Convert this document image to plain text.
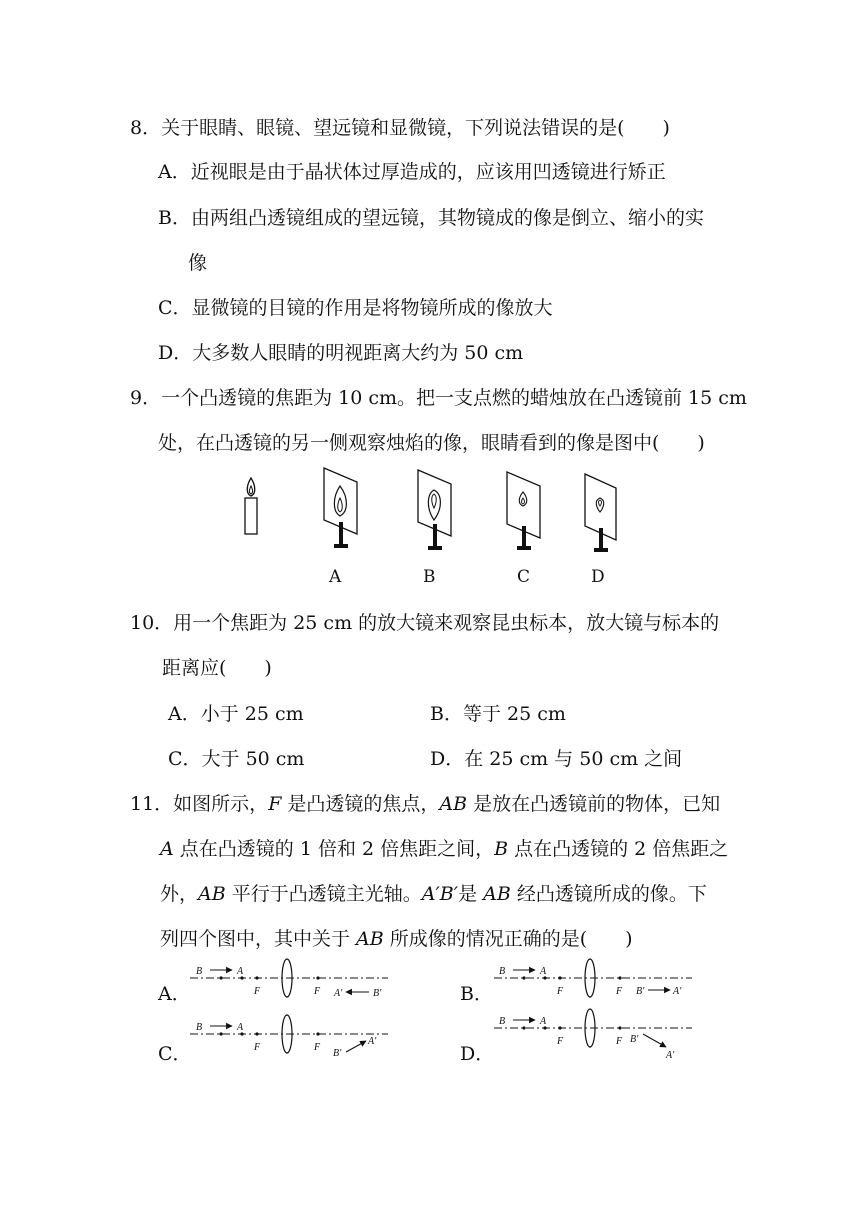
8．关于眼睛、眼镜、望远镜和显微镜，下列说法错误的是(　　)
A．近视眼是由于晶状体过厚造成的，应该用凹透镜进行矫正
B．由两组凸透镜组成的望远镜，其物镜成的像是倒立、缩小的实
像
C．显微镜的目镜的作用是将物镜所成的像放大
D．大多数人眼睛的明视距离大约为 50 cm
9．一个凸透镜的焦距为 10 cm。把一支点燃的蜡烛放在凸透镜前 15 cm
处，在凸透镜的另一侧观察烛焰的像，眼睛看到的像是图中(　　)
A	B	C	D
10．用一个焦距为 25 cm 的放大镜来观察昆虫标本，放大镜与标本的
距离应(　　)
A．小于 25 cm	B．等于 25 cm
C．大于 50 cm	D．在 25 cm 与 50 cm 之间
11．如图所示，F 是凸透镜的焦点，AB 是放在凸透镜前的物体，已知
A 点在凸透镜的 1 倍和 2 倍焦距之间，B 点在凸透镜的 2 倍焦距之
外，AB 平行于凸透镜主光轴。A′B′是 AB 经凸透镜所成的像。下
列四个图中，其中关于 AB 所成像的情况正确的是(　　)
A．	B．
C．	D．
B	A
F	F A′	B′
B	A
F	F B′	A′
B	A
F	F
B′
A′
B	A
F	F B′
A′
